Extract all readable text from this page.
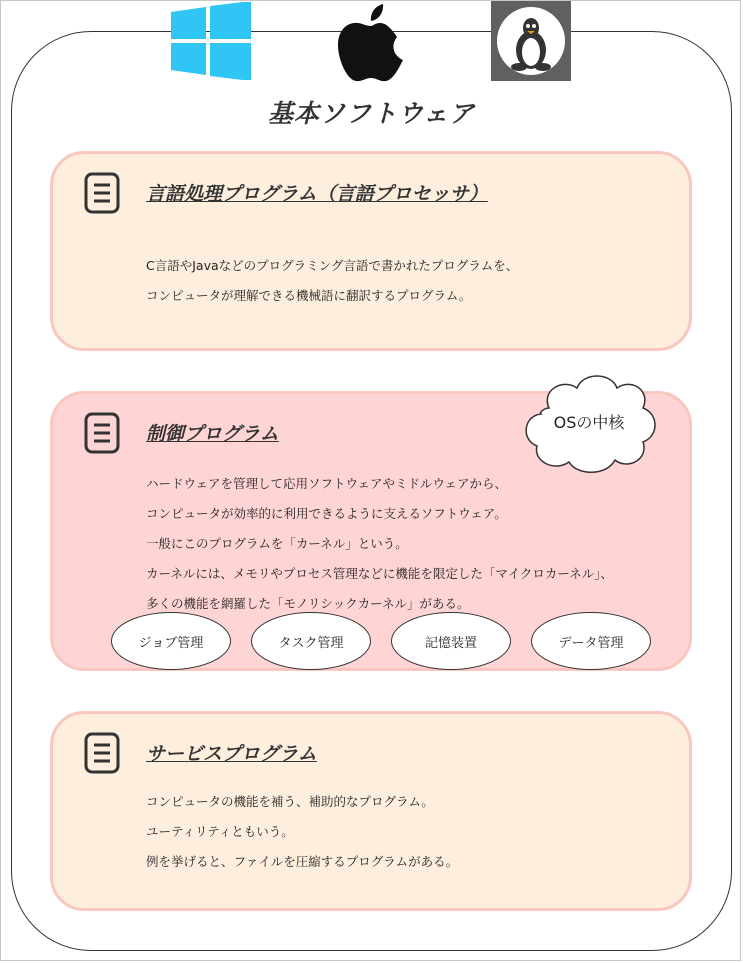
基本ソフトウェア
言語処理プログラム（言語プロセッサ）
C言語やJavaなどのプログラミング言語で書かれたプログラムを、
コンピュータが理解できる機械語に翻訳するプログラム。
制御プログラム
ハードウェアを管理して応用ソフトウェアやミドルウェアから、
コンピュータが効率的に利用できるように支えるソフトウェア。
一般にこのプログラムを「カーネル」という。
カーネルには、メモリやプロセス管理などに機能を限定した「マイクロカーネル」、
多くの機能を網羅した「モノリシックカーネル」がある。
ジョブ管理	タスク管理	記憶装置	データ管理
OSの中核
サービスプログラム
コンピュータの機能を補う、補助的なプログラム。
ユーティリティともいう。
例を挙げると、ファイルを圧縮するプログラムがある。
